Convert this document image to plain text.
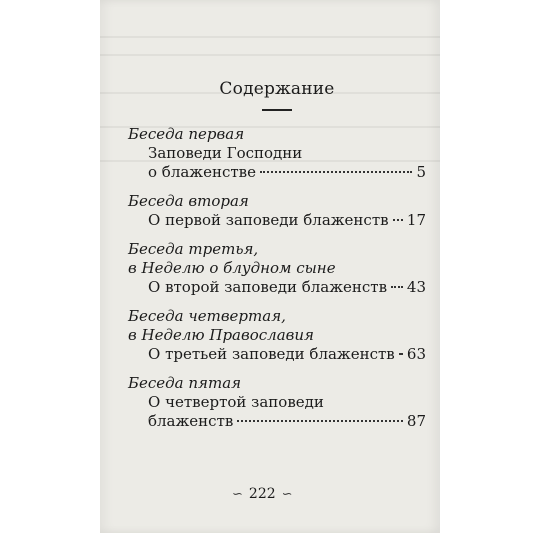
Содержание
Беседа первая
Заповеди Господни
о блаженстве	5
Беседа вторая
О первой заповеди блаженств 17
Беседа третья,
в Неделю о блудном сыне
О второй заповеди блаженств 43
Беседа четвертая,
в Неделю Православия
О третьей заповеди блаженств 63
Беседа пятая
О четвертой заповеди
блаженств	87
∽ 222 ∽
